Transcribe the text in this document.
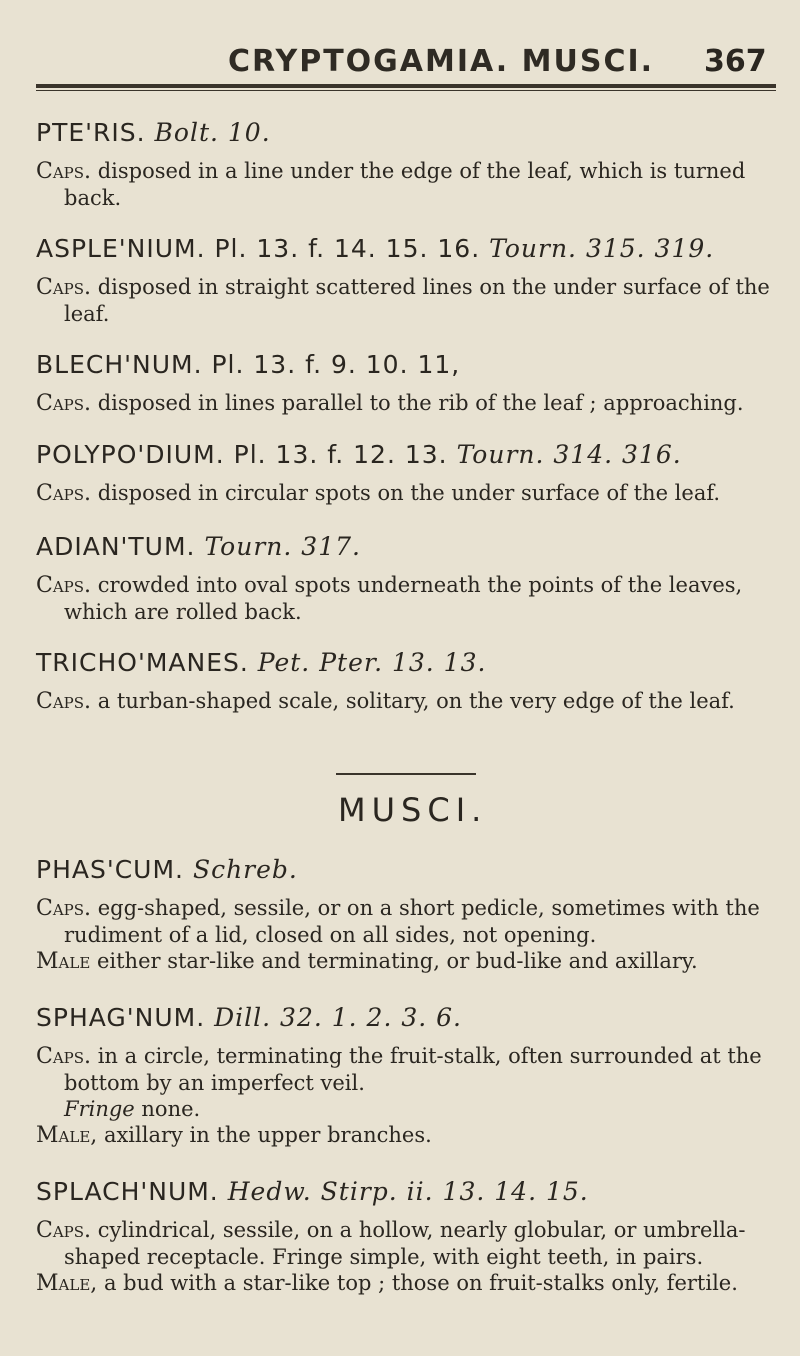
CRYPTOGAMIA. MUSCI. 367
PTE'RIS. Bolt. 10.

Caps. disposed in a line under the edge of the leaf, which is turned back.

ASPLE'NIUM. Pl. 13. f. 14. 15. 16. Tourn. 315. 319.

Caps. disposed in straight scattered lines on the under surface of the leaf.

BLECH'NUM. Pl. 13. f. 9. 10. 11,

Caps. disposed in lines parallel to the rib of the leaf ; approaching.

POLYPO'DIUM. Pl. 13. f. 12. 13. Tourn. 314. 316.

Caps. disposed in circular spots on the under surface of the leaf.

ADIAN'TUM. Tourn. 317.

Caps. crowded into oval spots underneath the points of the leaves, which are rolled back.

TRICHO'MANES. Pet. Pter. 13. 13.

Caps. a turban-shaped scale, solitary, on the very edge of the leaf.

MUSCI.
PHAS'CUM. Schreb.

Caps. egg-shaped, sessile, or on a short pedicle, sometimes with the rudiment of a lid, closed on all sides, not opening.

Male either star-like and terminating, or bud-like and axillary.

SPHAG'NUM. Dill. 32. 1. 2. 3. 6.

Caps. in a circle, terminating the fruit-stalk, often surrounded at the bottom by an imperfect veil.

Fringe none.

Male, axillary in the upper branches.

SPLACH'NUM. Hedw. Stirp. ii. 13. 14. 15.

Caps. cylindrical, sessile, on a hollow, nearly globular, or umbrella-shaped receptacle. Fringe simple, with eight teeth, in pairs.

Male, a bud with a star-like top ; those on fruit-stalks only, fertile.
